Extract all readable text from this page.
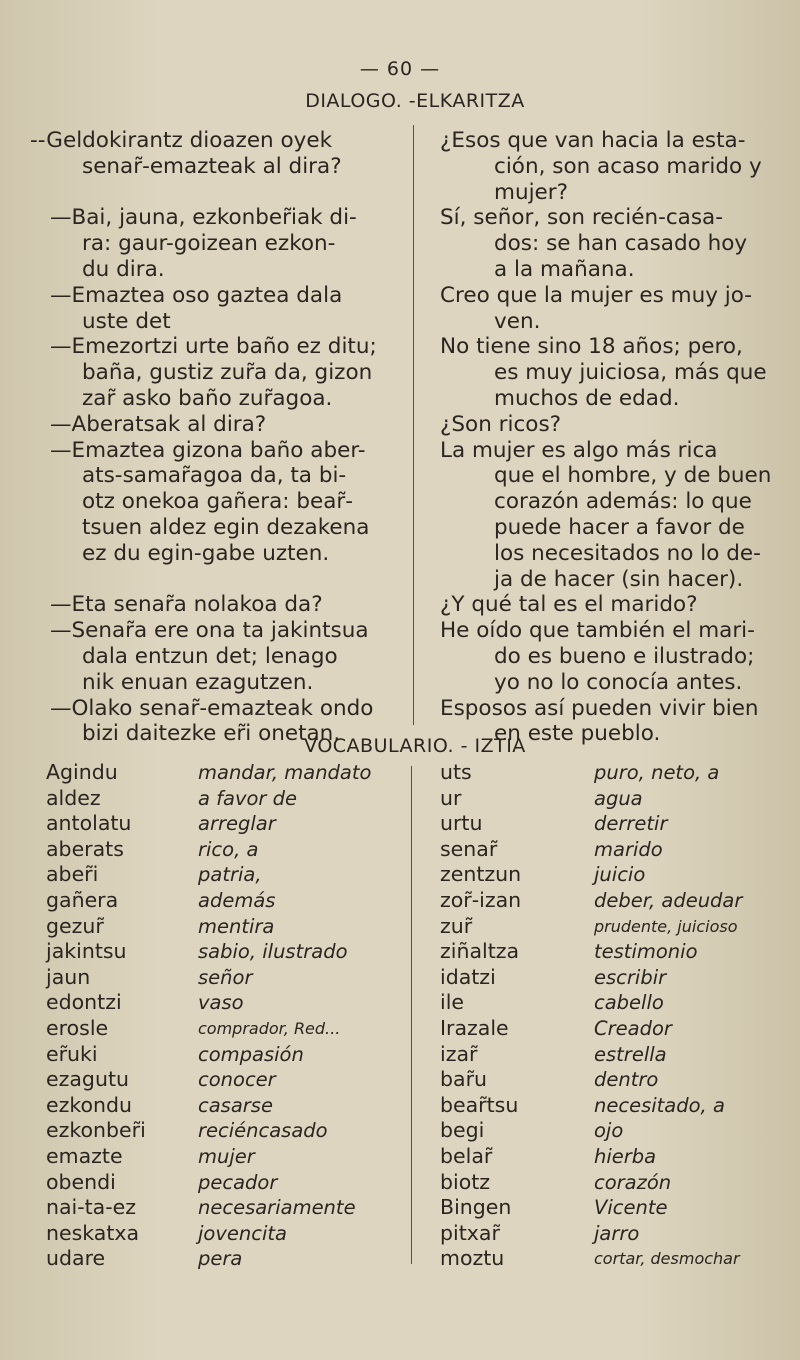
— 60 —
DIALOGO. -ELKARITZA
--Geldokirantz dioazen oyek
senar̃-emazteak al dira?
—Bai, jauna, ezkonber̃iak di-
ra: gaur-goizean ezkon-
du dira.
—Emaztea oso gaztea dala
uste det
—Emezortzi urte baño ez ditu;
baña, gustiz zur̃a da, gizon
zar̃ asko baño zur̃agoa.
—Aberatsak al dira?
—Emaztea gizona baño aber-
ats-samar̃agoa da, ta bi-
otz onekoa gañera: bear̃-
tsuen aldez egin dezakena
ez du egin-gabe uzten.
—Eta senar̃a nolakoa da?
—Senar̃a ere ona ta jakintsua
dala entzun det; lenago
nik enuan ezagutzen.
—Olako senar̃-emazteak ondo
bizi daitezke er̃i onetan.
¿Esos que van hacia la esta-
ción, son acaso marido y
mujer?
Sí, señor, son recién-casa-
dos: se han casado hoy
a la mañana.
Creo que la mujer es muy jo-
ven.
No tiene sino 18 años; pero,
es muy juiciosa, más que
muchos de edad.
¿Son ricos?
La mujer es algo más rica
que el hombre, y de buen
corazón además: lo que
puede hacer a favor de
los necesitados no lo de-
ja de hacer (sin hacer).
¿Y qué tal es el marido?
He oído que también el mari-
do es bueno e ilustrado;
yo no lo conocía antes.
Esposos así pueden vivir bien
en este pueblo.
VOCABULARIO. - IZTIA
Agindu
aldez
antolatu
aberats
aber̃i
gañera
gezur̃
jakintsu
jaun
edontzi
erosle
er̃uki
ezagutu
ezkondu
ezkonber̃i
emazte
obendi
nai-ta-ez
neskatxa
udare
mandar, mandato
a favor de
arreglar
rico, a
patria,
además
mentira
sabio, ilustrado
señor
vaso
comprador, Red...
compasión
conocer
casarse
reciéncasado
mujer
pecador
necesariamente
jovencita
pera
uts
ur
urtu
senar̃
zentzun
zor̃-izan
zur̃
ziñaltza
idatzi
ile
Irazale
izar̃
bar̃u
bear̃tsu
begi
belar̃
biotz
Bingen
pitxar̃
moztu
puro, neto, a
agua
derretir
marido
juicio
deber, adeudar
prudente, juicioso
testimonio
escribir
cabello
Creador
estrella
dentro
necesitado, a
ojo
hierba
corazón
Vicente
jarro
cortar, desmochar
